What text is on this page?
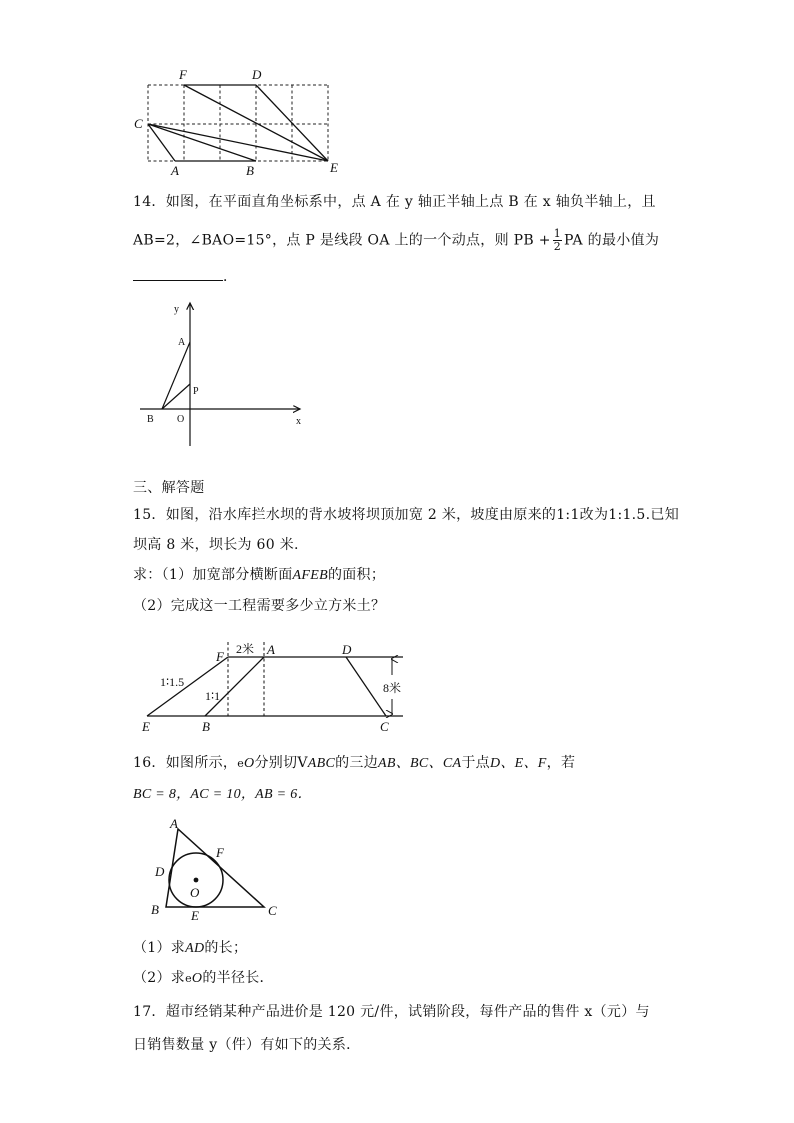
F	D
C
A	B	E
14．如图，在平面直角坐标系中，点 A 在 y 轴正半轴上点 B 在 x 轴负半轴上，且
AB=2，∠BAO=15°，点 P 是线段 OA 上的一个动点，则 PB + $\frac{1}{2}$ PA 的最小值为
．
y
x
A
P
B O
三、解答题
15．如图，沿水库拦水坝的背水坡将坝顶加宽 2 米，坡度由原来的1:1改为1:1.5.已知
坝高 8 米，坝长为 60 米.
求：（1）加宽部分横断面AFEB的面积；
（2）完成这一工程需要多少立方米土？
F	A	D
E	B	C
2米
8米
1∶1.5
1∶1
16．如图所示，eO分别切VABC的三边AB、BC、CA于点D、E、F，若
BC = 8，AC = 10，AB = 6．
A
D
F
O
B E	C
（1）求AD的长；
（2）求eO的半径长．
17．超市经销某种产品进价是 120 元/件，试销阶段，每件产品的售件 x（元）与
日销售数量 y（件）有如下的关系．
